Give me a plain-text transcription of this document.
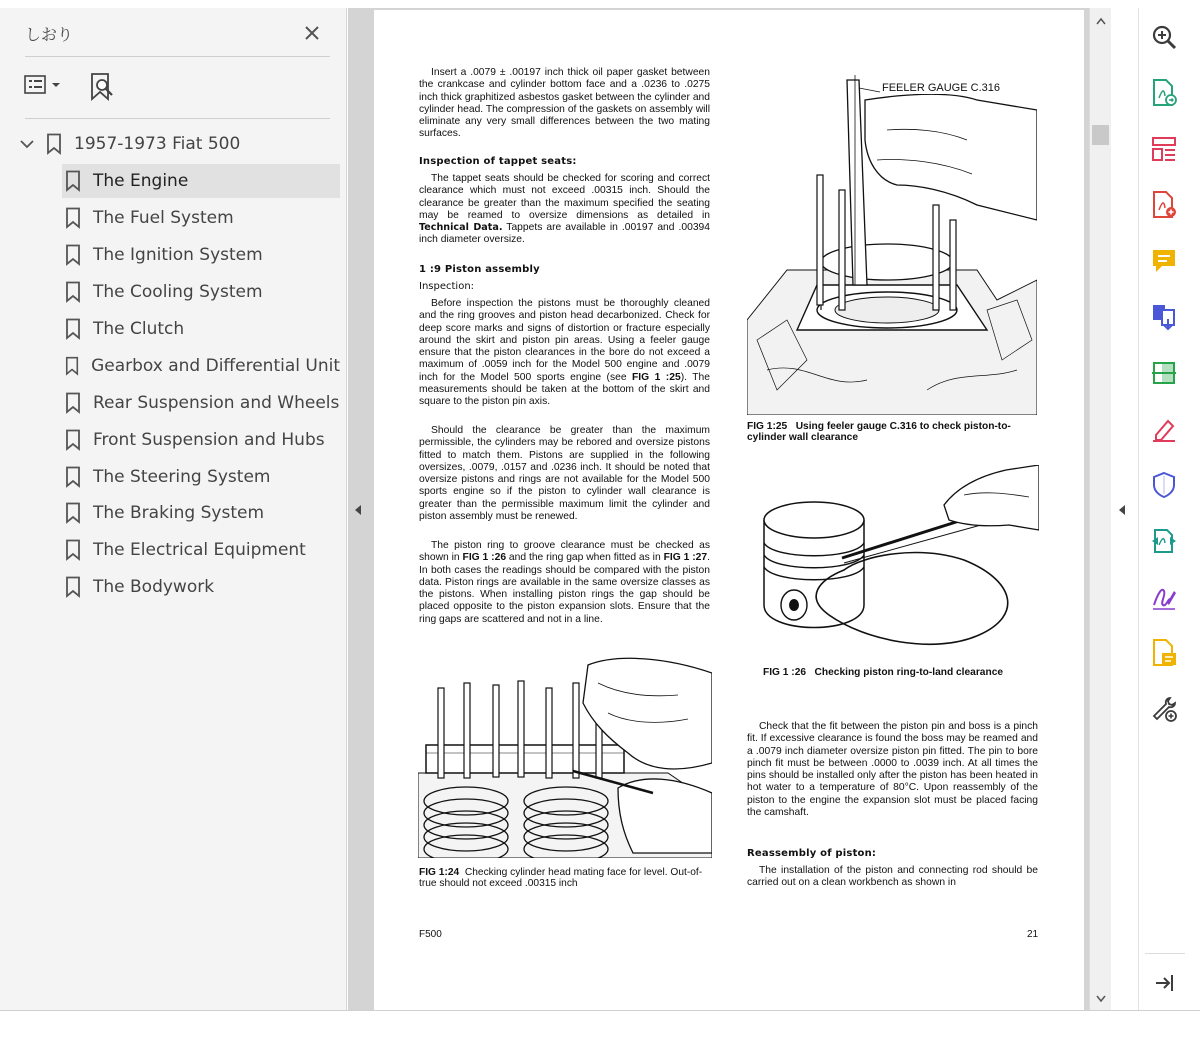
しおり
1957-1973 Fiat 500
The Engine
The Fuel System
The Ignition System
The Cooling System
The Clutch
Gearbox and Differential Unit
Rear Suspension and Wheels
Front Suspension and Hubs
The Steering System
The Braking System
The Electrical Equipment
The Bodywork

Insert a .0079 ± .00197 inch thick oil paper gasket between the crankcase and cylinder bottom face and a .0236 to .0275 inch thick graphitized asbestos gasket between the cylinder and cylinder head. The compression of the gaskets on assembly will eliminate any very small differences between the two mating surfaces.

Inspection of tappet seats:

The tappet seats should be checked for scoring and correct clearance which must not exceed .00315 inch. Should the clearance be greater than the maximum specified the seating may be reamed to oversize dimensions as detailed in Technical Data. Tappets are available in .00197 and .00394 inch diameter oversize.

1 :9 Piston assembly
Inspection:

Before inspection the pistons must be thoroughly cleaned and the ring grooves and piston head decarbonized. Check for deep score marks and signs of distortion or fracture especially around the skirt and piston pin areas. Using a feeler gauge ensure that the piston clearances in the bore do not exceed a maximum of .0059 inch for the Model 500 engine and .0079 inch for the Model 500 sports engine (see FIG 1 :25). The measurements should be taken at the bottom of the skirt and square to the piston pin axis.

Should the clearance be greater than the maximum permissible, the cylinders may be rebored and oversize pistons fitted to match them. Pistons are supplied in the following oversizes, .0079, .0157 and .0236 inch. It should be noted that oversize pistons and rings are not available for the Model 500 sports engine so if the piston to cylinder wall clearance is greater than the permissible maximum limit the cylinder and piston assembly must be renewed.

The piston ring to groove clearance must be checked as shown in FIG 1 :26 and the ring gap when fitted as in FIG 1 :27. In both cases the readings should be compared with the piston data. Piston rings are available in the same oversize classes as the pistons. When installing piston rings the gap should be placed opposite to the piston expansion slots. Ensure that the ring gaps are scattered and not in a line.

FIG 1:24 Checking cylinder head mating face for level. Out-of-true should not exceed .00315 inch
FEELER GAUGE C.316
FIG 1:25 Using feeler gauge C.316 to check piston-to-cylinder wall clearance
FIG 1 :26 Checking piston ring-to-land clearance

Check that the fit between the piston pin and boss is a pinch fit. If excessive clearance is found the boss may be reamed and a .0079 inch diameter oversize piston pin fitted. The pin to bore pinch fit must be between .0000 to .0039 inch. At all times the pins should be installed only after the piston has been heated in hot water to a temperature of 80°C. Upon reassembly of the piston to the engine the expansion slot must be placed facing the camshaft.

Reassembly of piston:

The installation of the piston and connecting rod should be carried out on a clean workbench as shown in

F500	21
